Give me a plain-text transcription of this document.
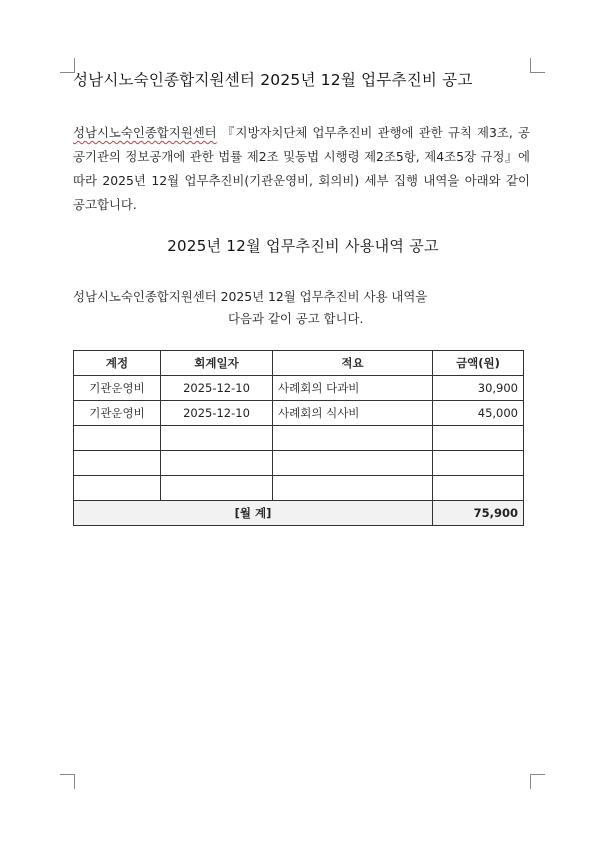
성남시노숙인종합지원센터 2025년 12월 업무추진비 공고
성남시노숙인종합지원센터 『지방자치단체 업무추진비 관행에 관한 규칙 제3조, 공공기관의 정보공개에 관한 법률 제2조 및동법 시행령 제2조5항, 제4조5장 규정』에 따라 2025년 12월 업무추진비(기관운영비, 회의비) 세부 집행 내역을 아래와 같이 공고합니다.
2025년 12월 업무추진비 사용내역 공고
성남시노숙인종합지원센터 2025년 12월 업무추진비 사용 내역을
다음과 같이 공고 합니다.
계정	회계일자	적요	금액(원)
기관운영비	2025-12-10	사례회의 다과비	30,900
기관운영비	2025-12-10	사례회의 식사비	45,000

[월 계]			75,900
